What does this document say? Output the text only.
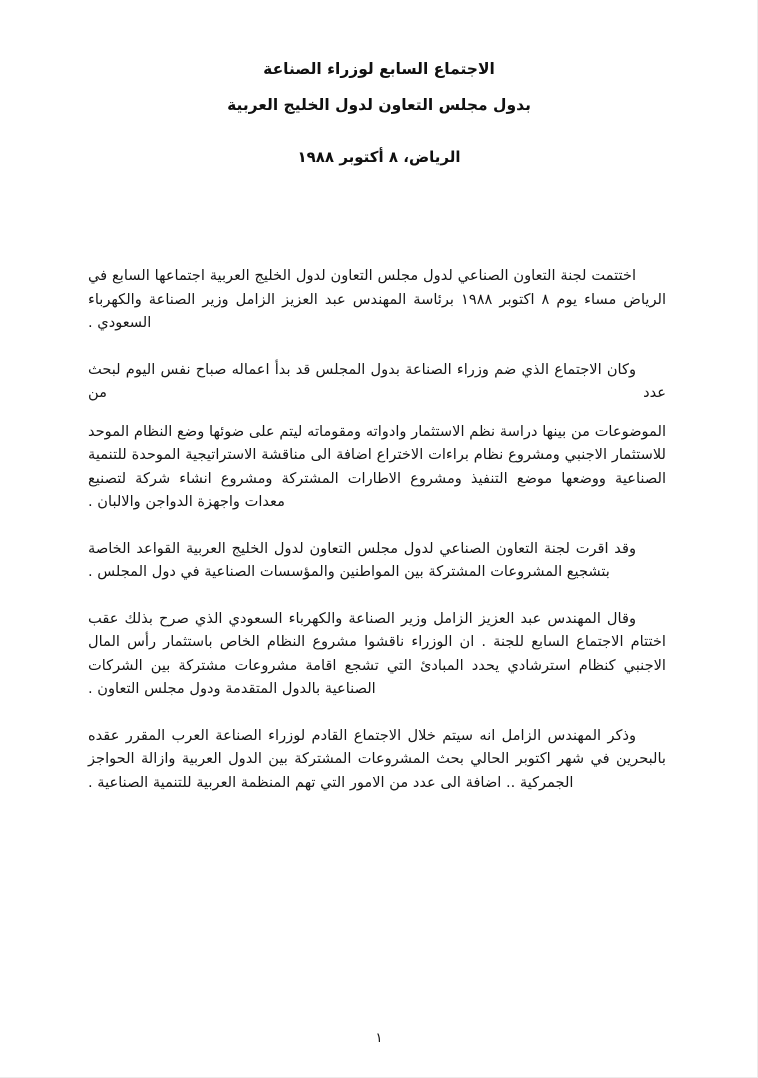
الاجتماع السابع لوزراء الصناعة
بدول مجلس التعاون لدول الخليج العربية
الرياض، ٨ أكتوبر ١٩٨٨

اختتمت لجنة التعاون الصناعي لدول مجلس التعاون لدول الخليج العربية اجتماعها السابع في الرياض مساء يوم ٨ اكتوبر ١٩٨٨ برئاسة المهندس عبد العزيز الزامل وزير الصناعة والكهرباء السعودي .

وكان الاجتماع الذي ضم وزراء الصناعة بدول المجلس قد بدأ اعماله صباح نفس اليوم لبحث عدد من

الموضوعات من بينها دراسة نظم الاستثمار وادواته ومقوماته ليتم على ضوئها وضع النظام الموحد للاستثمار الاجنبي ومشروع نظام براءات الاختراع اضافة الى مناقشة الاستراتيجية الموحدة للتنمية الصناعية ووضعها موضع التنفيذ ومشروع الاطارات المشتركة ومشروع انشاء شركة لتصنيع معدات واجهزة الدواجن والالبان .

وقد اقرت لجنة التعاون الصناعي لدول مجلس التعاون لدول الخليج العربية القواعد الخاصة بتشجيع المشروعات المشتركة بين المواطنين والمؤسسات الصناعية في دول المجلس .

وقال المهندس عبد العزيز الزامل وزير الصناعة والكهرباء السعودي الذي صرح بذلك عقب اختتام الاجتماع السابع للجنة . ان الوزراء ناقشوا مشروع النظام الخاص باستثمار رأس المال الاجنبي كنظام استرشادي يحدد المبادئ التي تشجع اقامة مشروعات مشتركة بين الشركات الصناعية بالدول المتقدمة ودول مجلس التعاون .

وذكر المهندس الزامل انه سيتم خلال الاجتماع القادم لوزراء الصناعة العرب المقرر عقده بالبحرين في شهر اكتوبر الحالي بحث المشروعات المشتركة بين الدول العربية وازالة الحواجز الجمركية .. اضافة الى عدد من الامور التي تهم المنظمة العربية للتنمية الصناعية .

١
